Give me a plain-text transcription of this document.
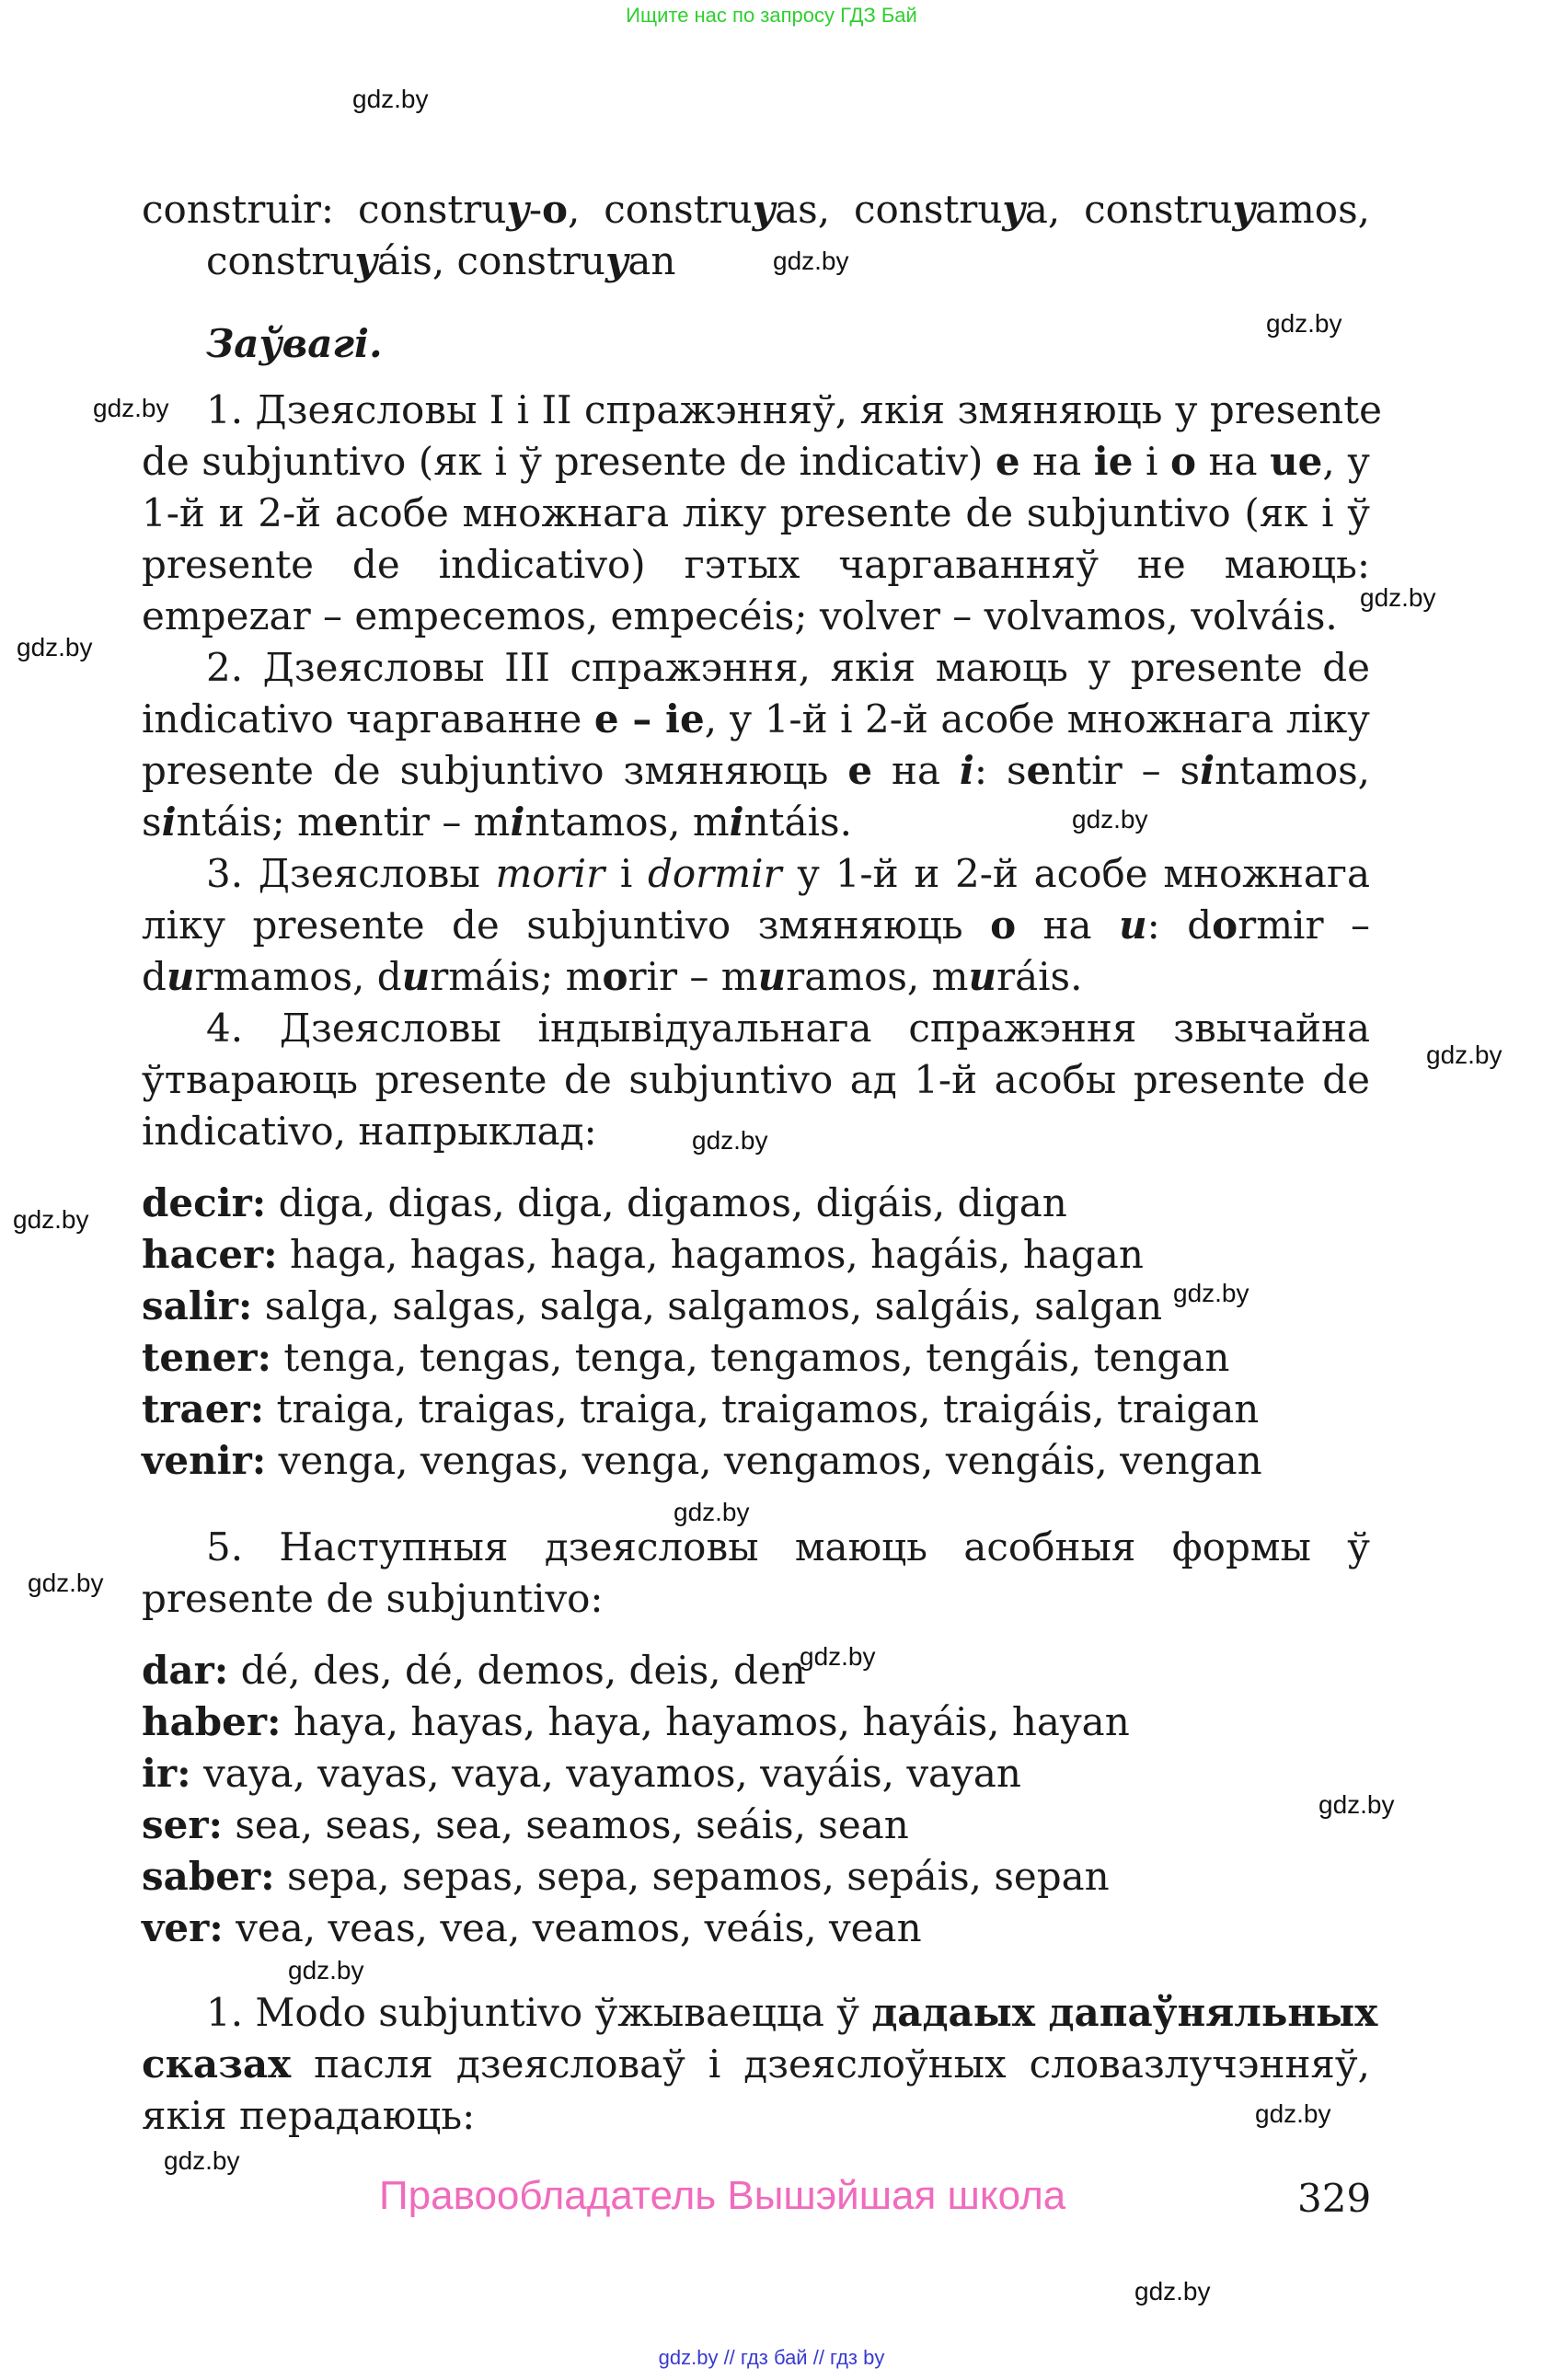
Ищите нас по запросу ГДЗ Бай
gdz.by
gdz.by
gdz.by
gdz.by
gdz.by
gdz.by
gdz.by
gdz.by
gdz.by
gdz.by
gdz.by
gdz.by
gdz.by
gdz.by
gdz.by
gdz.by
gdz.by
gdz.by
gdz.by
construir: construy-o, construyas, construya, construyamos,
construyáis, construyan
Заўвагі.
1. Дзеясловы I і II спражэнняў, якія змяняюць у presente
de subjuntivo (як і ў presente de indicativ) e на ie і o на ue, у
1-й и 2-й асобе множнага ліку presente de subjuntivo (як і ў
presente de indicativo) гэтых чаргаванняў не маюць:
empezar – empecemos, empecéis; volver – volvamos, volváis.
2. Дзеясловы III спражэння, якія маюць у presente de
indicativo чаргаванне e – ie, у 1-й і 2-й асобе множнага ліку
presente de subjuntivo змяняюць e на i: sentir – sintamos,
sintáis; mentir – mintamos, mintáis.
3. Дзеясловы morir і dormir у 1-й и 2-й асобе множнага
ліку presente de subjuntivo змяняюць o на u: dormir –
durmamos, durmáis; morir – muramos, muráis.
4. Дзеясловы індывідуальнага спражэння звычайна
ўтвараюць presente de subjuntivo ад 1-й асобы presente de
indicativo, напрыклад:
decir: diga, digas, diga, digamos, digáis, digan
hacer: haga, hagas, haga, hagamos, hagáis, hagan
salir: salga, salgas, salga, salgamos, salgáis, salgan
tener: tenga, tengas, tenga, tengamos, tengáis, tengan
traer: traiga, traigas, traiga, traigamos, traigáis, traigan
venir: venga, vengas, venga, vengamos, vengáis, vengan
5. Наступныя дзеясловы маюць асобныя формы ў
presente de subjuntivo:
dar: dé, des, dé, demos, deis, den
haber: haya, hayas, haya, hayamos, hayáis, hayan
ir: vaya, vayas, vaya, vayamos, vayáis, vayan
ser: sea, seas, sea, seamos, seáis, sean
saber: sepa, sepas, sepa, sepamos, sepáis, sepan
ver: vea, veas, vea, veamos, veáis, vean
1. Modo subjuntivo ўжываецца ў дадаых дапаўняльных
сказах пасля дзеясловаў і дзеяслоўных словазлучэнняў,
якія перадаюць:
Правообладатель Вышэйшая школа	329
gdz.by // гдз бай // гдз by
